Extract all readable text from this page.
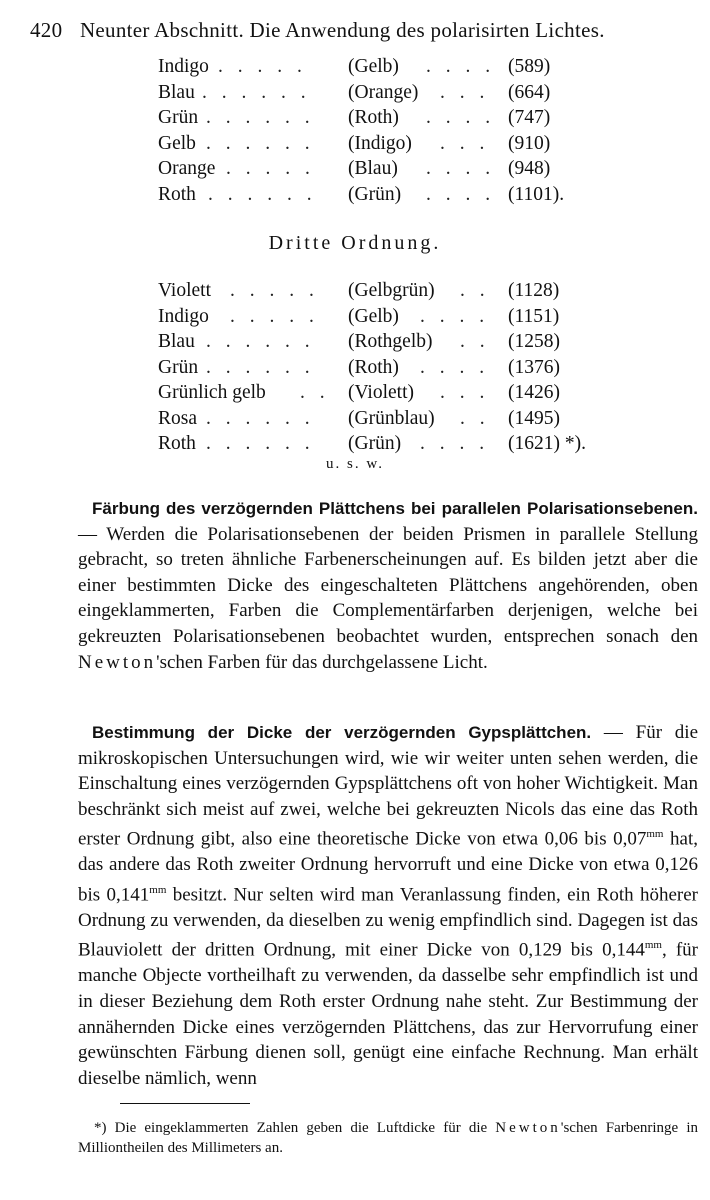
420 Neunter Abschnitt. Die Anwendung des polarisirten Lichtes.
Indigo . . . . . (Gelb) . . . . (589)
Blau . . . . . . (Orange) . . . (664)
Grün . . . . . . (Roth) . . . . (747)
Gelb . . . . . . (Indigo) . . . (910)
Orange . . . . . (Blau) . . . . (948)
Roth . . . . . . (Grün) . . . . (1101).
Dritte Ordnung.
Violett . . . . . (Gelbgrün) . . (1128)
Indigo . . . . . (Gelb) . . . . (1151)
Blau . . . . . . (Rothgelb) . . (1258)
Grün . . . . . . (Roth) . . . . (1376)
Grünlich gelb . . (Violett) . . . (1426)
Rosa . . . . . . (Grünblau) . . (1495)
Roth . . . . . . (Grün) . . . . (1621) *).
u. s. w.

Färbung des verzögernden Plättchens bei parallelen Polarisationsebenen. — Werden die Polarisationsebenen der beiden Prismen in parallele Stellung gebracht, so treten ähnliche Farbenerscheinungen auf. Es bilden jetzt aber die einer bestimmten Dicke des eingeschalteten Plättchens angehörenden, oben eingeklammerten, Farben die Complementärfarben derjenigen, welche bei gekreuzten Polarisationsebenen beobachtet wurden, entsprechen sonach den Newton'schen Farben für das durchgelassene Licht.

Bestimmung der Dicke der verzögernden Gypsplättchen. — Für die mikroskopischen Untersuchungen wird, wie wir weiter unten sehen werden, die Einschaltung eines verzögernden Gypsplättchens oft von hoher Wichtigkeit. Man beschränkt sich meist auf zwei, welche bei gekreuzten Nicols das eine das Roth erster Ordnung gibt, also eine theoretische Dicke von etwa 0,06 bis $0,07^{mm}$ hat, das andere das Roth zweiter Ordnung hervorruft und eine Dicke von etwa 0,126 bis $0,141^{mm}$ besitzt. Nur selten wird man Veranlassung finden, ein Roth höherer Ordnung zu verwenden, da dieselben zu wenig empfindlich sind. Dagegen ist das Blauviolett der dritten Ordnung, mit einer Dicke von 0,129 bis $0,144^{mm}$, für manche Objecte vortheilhaft zu verwenden, da dasselbe sehr empfindlich ist und in dieser Beziehung dem Roth erster Ordnung nahe steht. Zur Bestimmung der annähernden Dicke eines verzögernden Plättchens, das zur Hervorrufung einer gewünschten Färbung dienen soll, genügt eine einfache Rechnung. Man erhält dieselbe nämlich, wenn

*) Die eingeklammerten Zahlen geben die Luftdicke für die Newton'schen Farbenringe in Milliontheilen des Millimeters an.
